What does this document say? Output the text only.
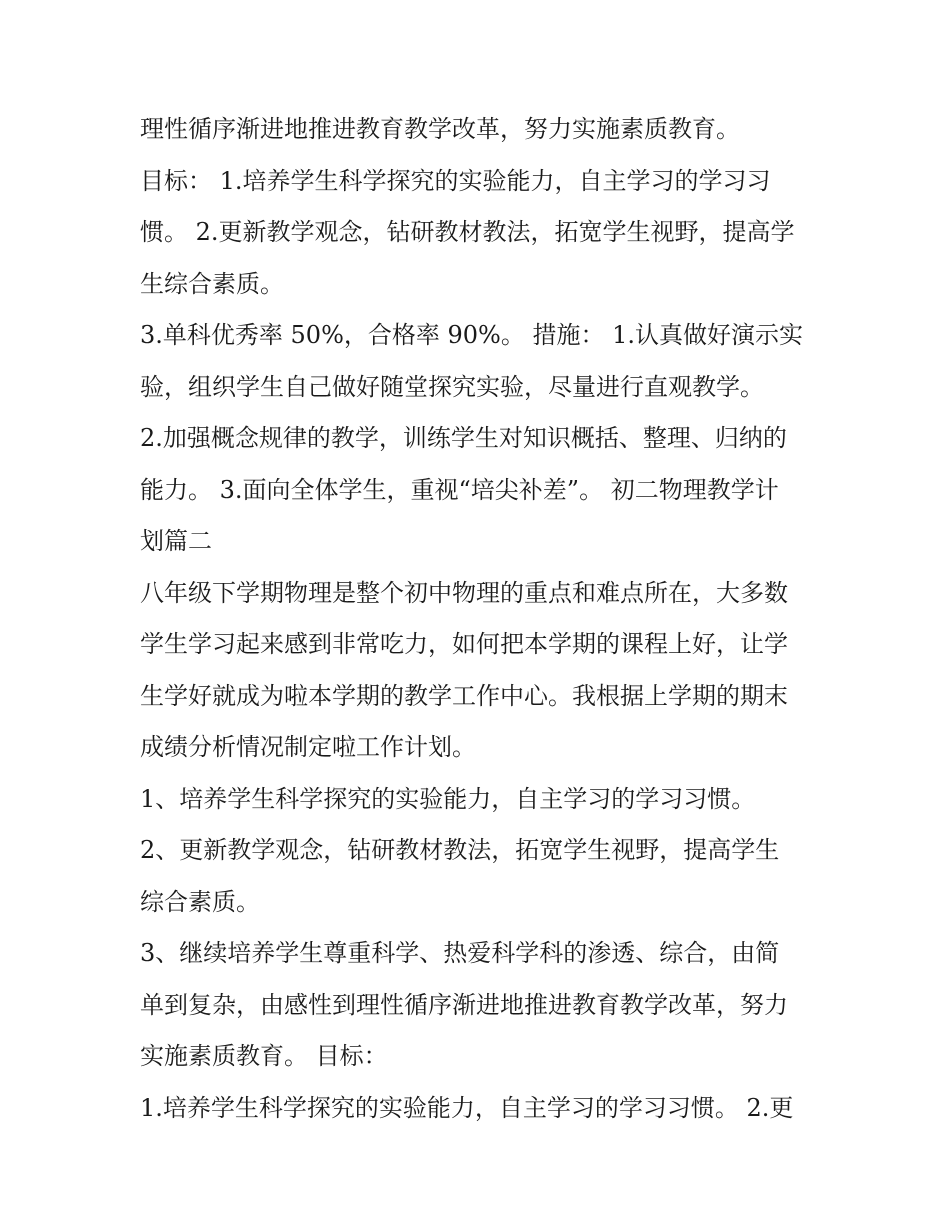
理性循序渐进地推进教育教学改革，努力实施素质教育。
目标： 1.培养学生科学探究的实验能力，自主学习的学习习
惯。 2.更新教学观念，钻研教材教法，拓宽学生视野，提高学
生综合素质。
3.单科优秀率 50%，合格率 90%。 措施： 1.认真做好演示实
验，组织学生自己做好随堂探究实验，尽量进行直观教学。
2.加强概念规律的教学，训练学生对知识概括、整理、归纳的
能力。 3.面向全体学生，重视“培尖补差”。 初二物理教学计
划篇二
八年级下学期物理是整个初中物理的重点和难点所在，大多数
学生学习起来感到非常吃力，如何把本学期的课程上好，让学
生学好就成为啦本学期的教学工作中心。我根据上学期的期末
成绩分析情况制定啦工作计划。
1、培养学生科学探究的实验能力，自主学习的学习习惯。
2、更新教学观念，钻研教材教法，拓宽学生视野，提高学生
综合素质。
3、继续培养学生尊重科学、热爱科学科的渗透、综合，由简
单到复杂，由感性到理性循序渐进地推进教育教学改革，努力
实施素质教育。 目标：
1.培养学生科学探究的实验能力，自主学习的学习习惯。 2.更
